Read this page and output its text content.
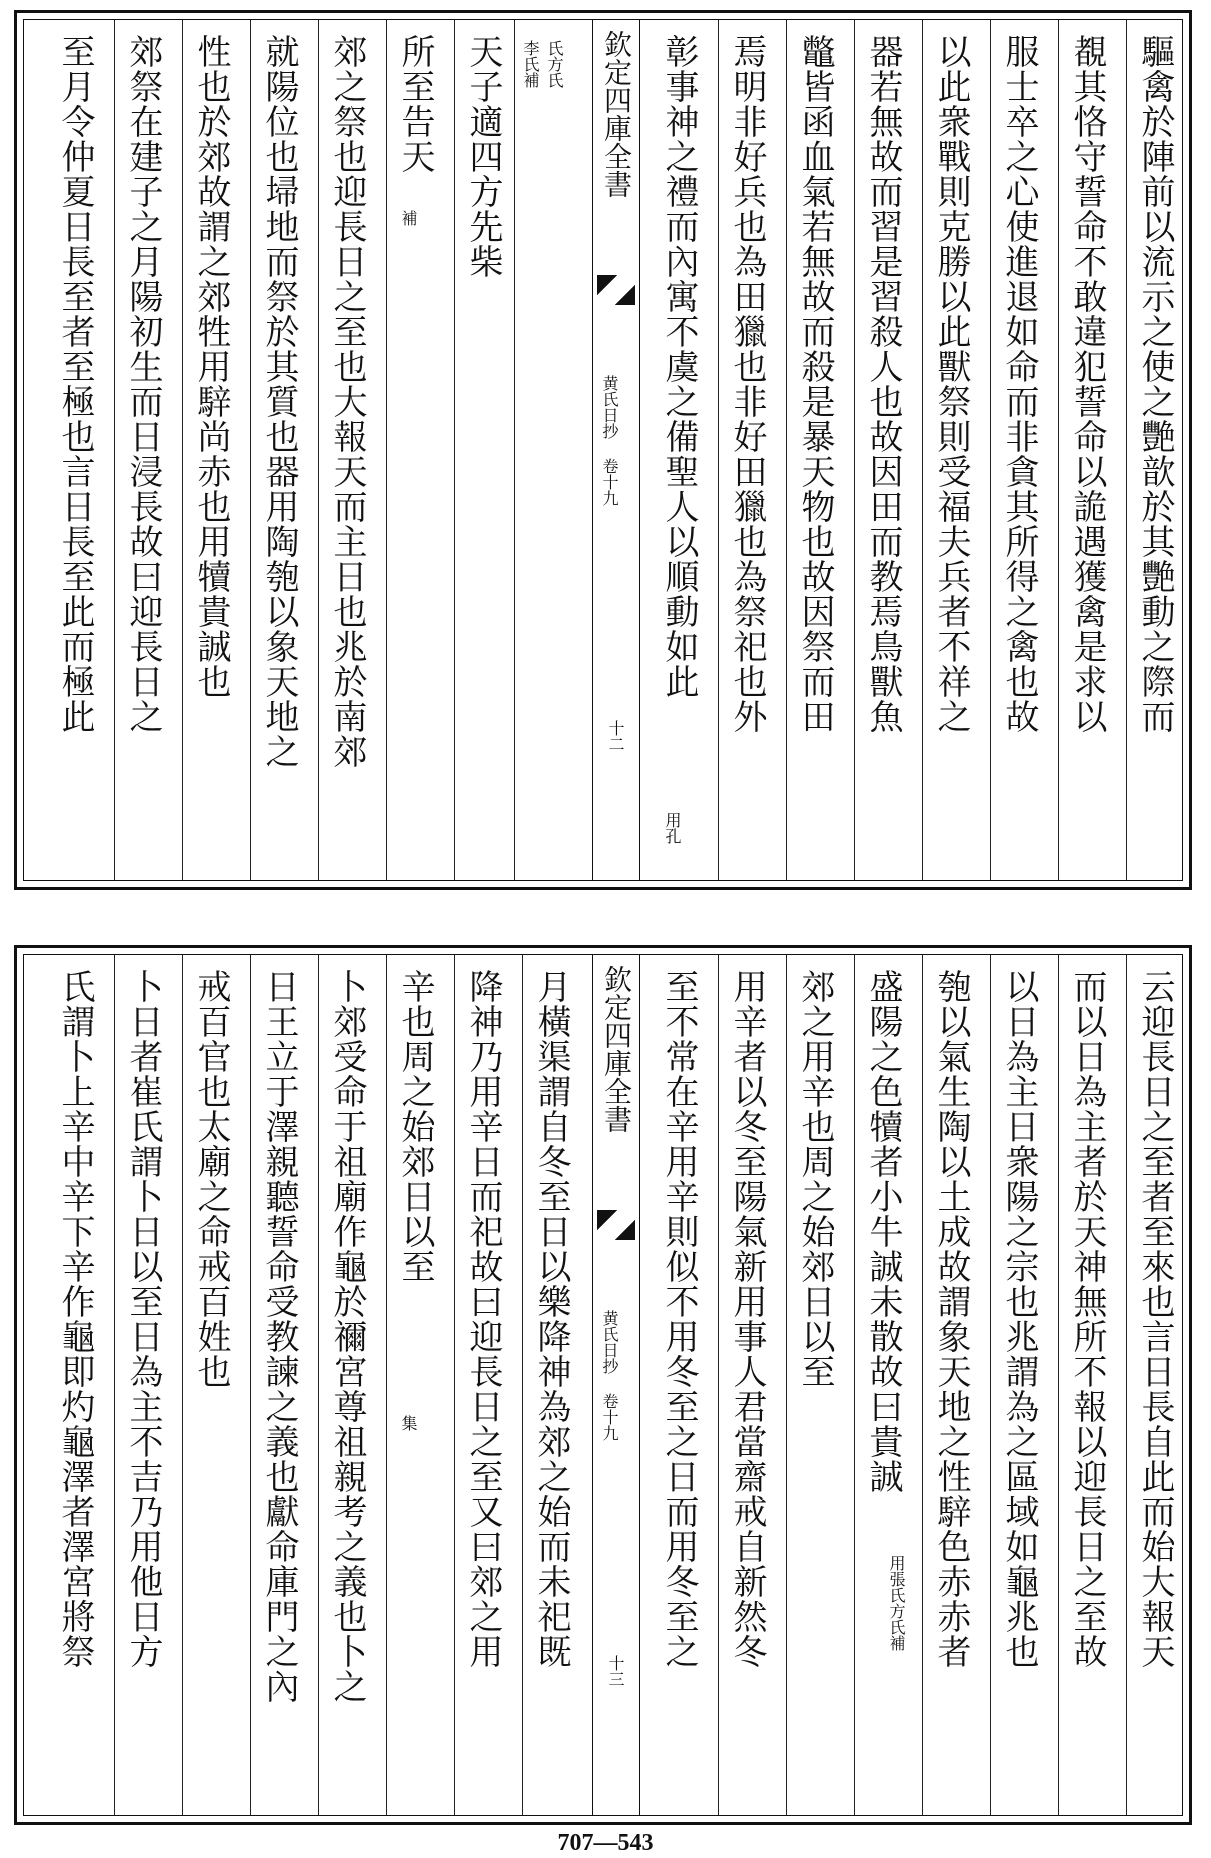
驅禽於陣前以流示之使之艷歆於其艷動之際而
覩其恪守誓命不敢違犯誓命以詭遇獲禽是求以
服士卒之心使進退如命而非貪其所得之禽也故
以此衆戰則克勝以此獸祭則受福夫兵者不祥之
器若無故而習是習殺人也故因田而教焉鳥獸魚
鼈皆函血氣若無故而殺是暴天物也故因祭而田
焉明非好兵也為田獵也非好田獵也為祭祀也外
彰事神之禮而內寓不虞之備聖人以順動如此
用孔
欽定四庫全書
黄氏日抄 卷十九
十二
氏方氏
李氏補
天子適四方先柴
所至告天
補
郊之祭也迎長日之至也大報天而主日也兆於南郊
就陽位也埽地而祭於其質也器用陶匏以象天地之
性也於郊故謂之郊牲用騂尚赤也用犢貴誠也
郊祭在建子之月陽初生而日浸長故曰迎長日之
至月令仲夏日長至者至極也言日長至此而極此
云迎長日之至者至來也言日長自此而始大報天
而以日為主者於天神無所不報以迎長日之至故
以日為主日衆陽之宗也兆謂為之區域如龜兆也
匏以氣生陶以土成故謂象天地之性騂色赤赤者
盛陽之色犢者小牛誠未散故曰貴誠
用張氏方氏補
郊之用辛也周之始郊日以至
用辛者以冬至陽氣新用事人君當齋戒自新然冬
至不常在辛用辛則似不用冬至之日而用冬至之
欽定四庫全書
黄氏日抄 卷十九
十三
月橫渠謂自冬至日以樂降神為郊之始而未祀既
降神乃用辛日而祀故曰迎長日之至又曰郊之用
辛也周之始郊日以至
集
卜郊受命于祖廟作龜於禰宮尊祖親考之義也卜之
日王立于澤親聽誓命受教諫之義也獻命庫門之內
戒百官也太廟之命戒百姓也
卜日者崔氏謂卜日以至日為主不吉乃用他日方
氏謂卜上辛中辛下辛作龜即灼龜澤者澤宮將祭
707—543
